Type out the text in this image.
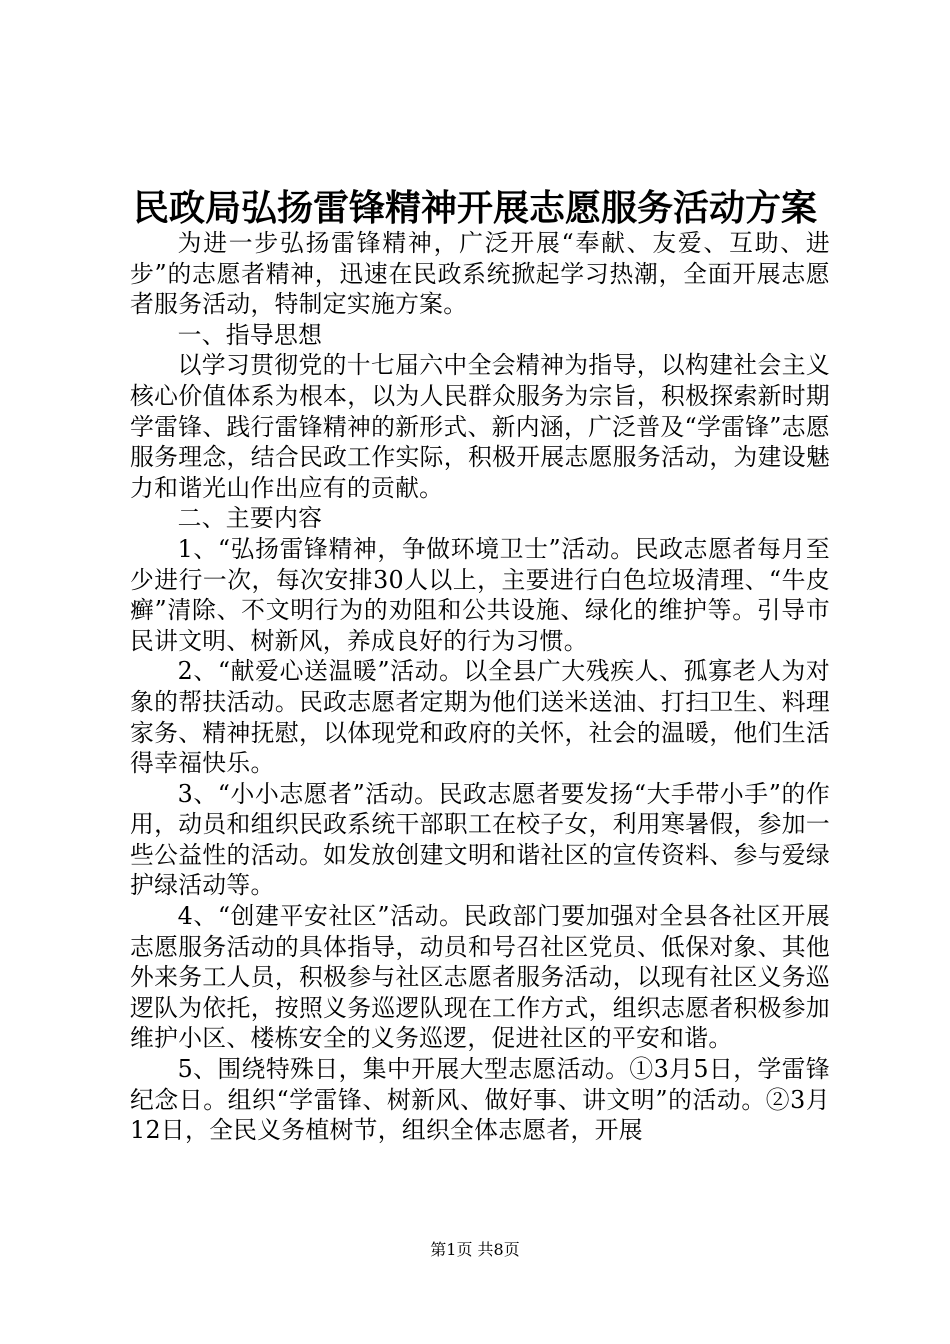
民政局弘扬雷锋精神开展志愿服务活动方案

为进一步弘扬雷锋精神，广泛开展“奉献、友爱、互助、进步”的志愿者精神，迅速在民政系统掀起学习热潮，全面开展志愿者服务活动，特制定实施方案。

一、指导思想

以学习贯彻党的十七届六中全会精神为指导，以构建社会主义核心价值体系为根本，以为人民群众服务为宗旨，积极探索新时期学雷锋、践行雷锋精神的新形式、新内涵，广泛普及“学雷锋”志愿服务理念，结合民政工作实际，积极开展志愿服务活动，为建设魅力和谐光山作出应有的贡献。

二、主要内容

1、“弘扬雷锋精神，争做环境卫士”活动。民政志愿者每月至少进行一次，每次安排30人以上，主要进行白色垃圾清理、“牛皮癣”清除、不文明行为的劝阻和公共设施、绿化的维护等。引导市民讲文明、树新风，养成良好的行为习惯。

2、“献爱心送温暖”活动。以全县广大残疾人、孤寡老人为对象的帮扶活动。民政志愿者定期为他们送米送油、打扫卫生、料理家务、精神抚慰，以体现党和政府的关怀，社会的温暖，他们生活得幸福快乐。

3、“小小志愿者”活动。民政志愿者要发扬“大手带小手”的作用，动员和组织民政系统干部职工在校子女，利用寒暑假，参加一些公益性的活动。如发放创建文明和谐社区的宣传资料、参与爱绿护绿活动等。

4、“创建平安社区”活动。民政部门要加强对全县各社区开展志愿服务活动的具体指导，动员和号召社区党员、低保对象、其他外来务工人员，积极参与社区志愿者服务活动，以现有社区义务巡逻队为依托，按照义务巡逻队现在工作方式，组织志愿者积极参加维护小区、楼栋安全的义务巡逻，促进社区的平安和谐。

5、围绕特殊日，集中开展大型志愿活动。①3月5日，学雷锋纪念日。组织“学雷锋、树新风、做好事、讲文明”的活动。②3月12日，全民义务植树节，组织全体志愿者，开展

第1页 共8页
